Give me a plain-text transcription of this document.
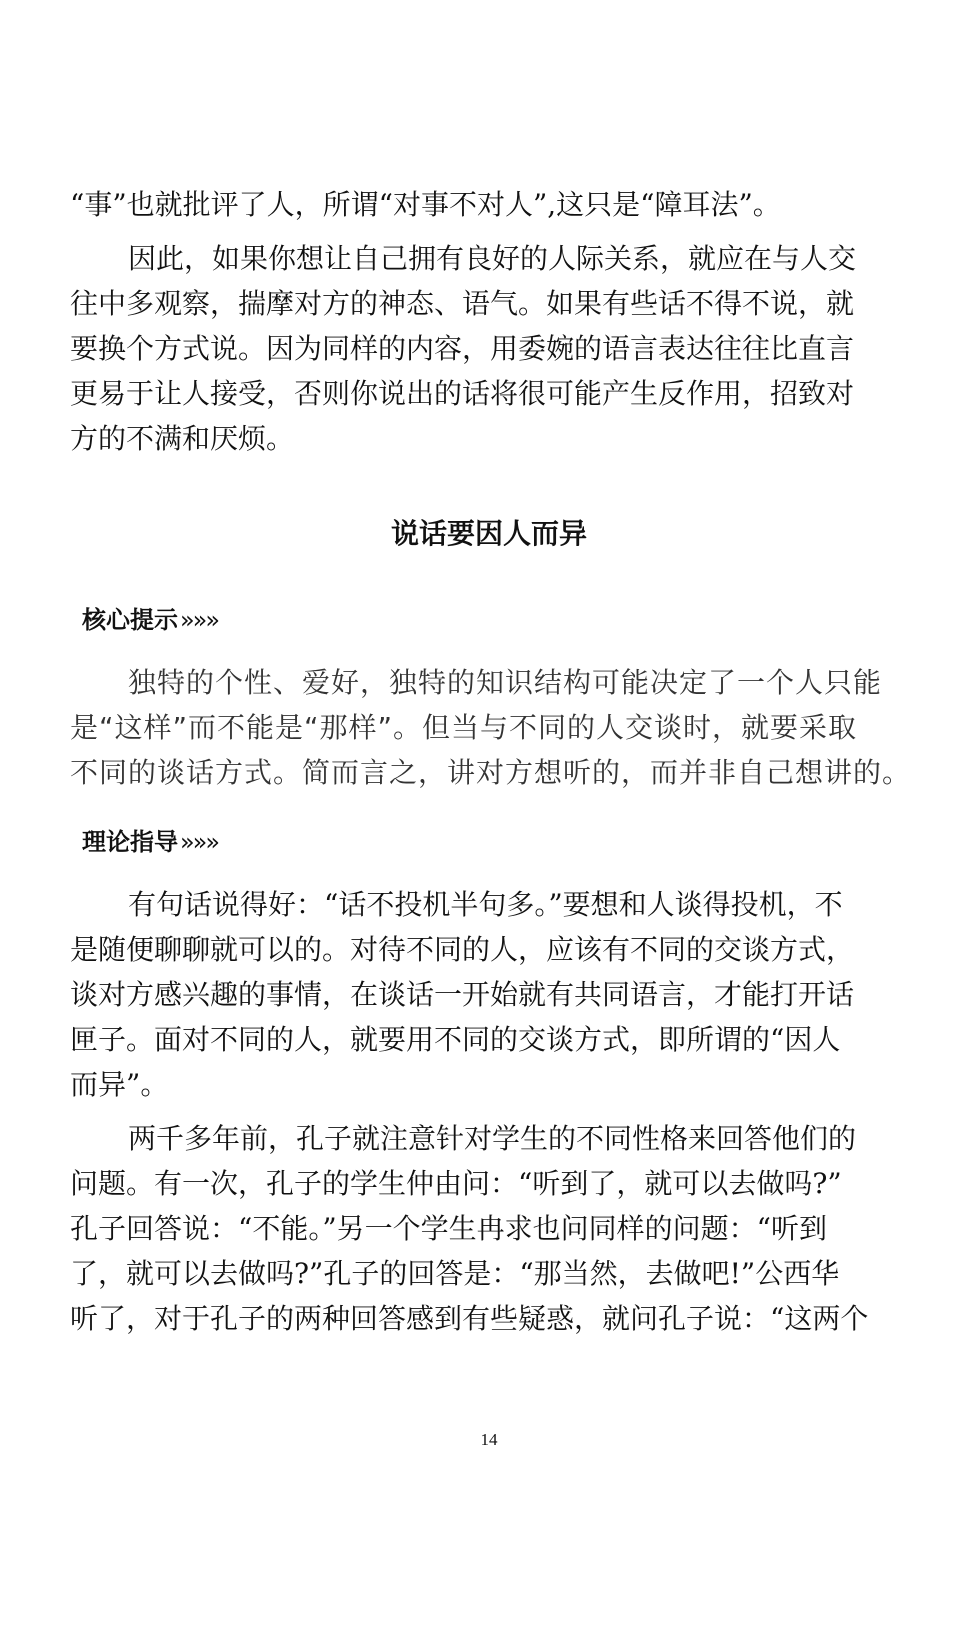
“事”也就批评了人，所谓“对事不对人”,这只是“障耳法”。
因此，如果你想让自己拥有良好的人际关系，就应在与人交
往中多观察，揣摩对方的神态、语气。如果有些话不得不说，就
要换个方式说。因为同样的内容，用委婉的语言表达往往比直言
更易于让人接受，否则你说出的话将很可能产生反作用，招致对
方的不满和厌烦。
说话要因人而异
核心提示»»»
独特的个性、爱好，独特的知识结构可能决定了一个人只能
是“这样”而不能是“那样”。但当与不同的人交谈时，就要采取
不同的谈话方式。简而言之，讲对方想听的，而并非自己想讲的。
理论指导»»»
有句话说得好：“话不投机半句多。”要想和人谈得投机，不
是随便聊聊就可以的。对待不同的人，应该有不同的交谈方式，
谈对方感兴趣的事情，在谈话一开始就有共同语言，才能打开话
匣子。面对不同的人，就要用不同的交谈方式，即所谓的“因人
而异”。
两千多年前，孔子就注意针对学生的不同性格来回答他们的
问题。有一次，孔子的学生仲由问：“听到了，就可以去做吗?”
孔子回答说：“不能。”另一个学生冉求也问同样的问题：“听到
了，就可以去做吗?”孔子的回答是：“那当然，去做吧!”公西华
听了，对于孔子的两种回答感到有些疑惑，就问孔子说：“这两个
14
